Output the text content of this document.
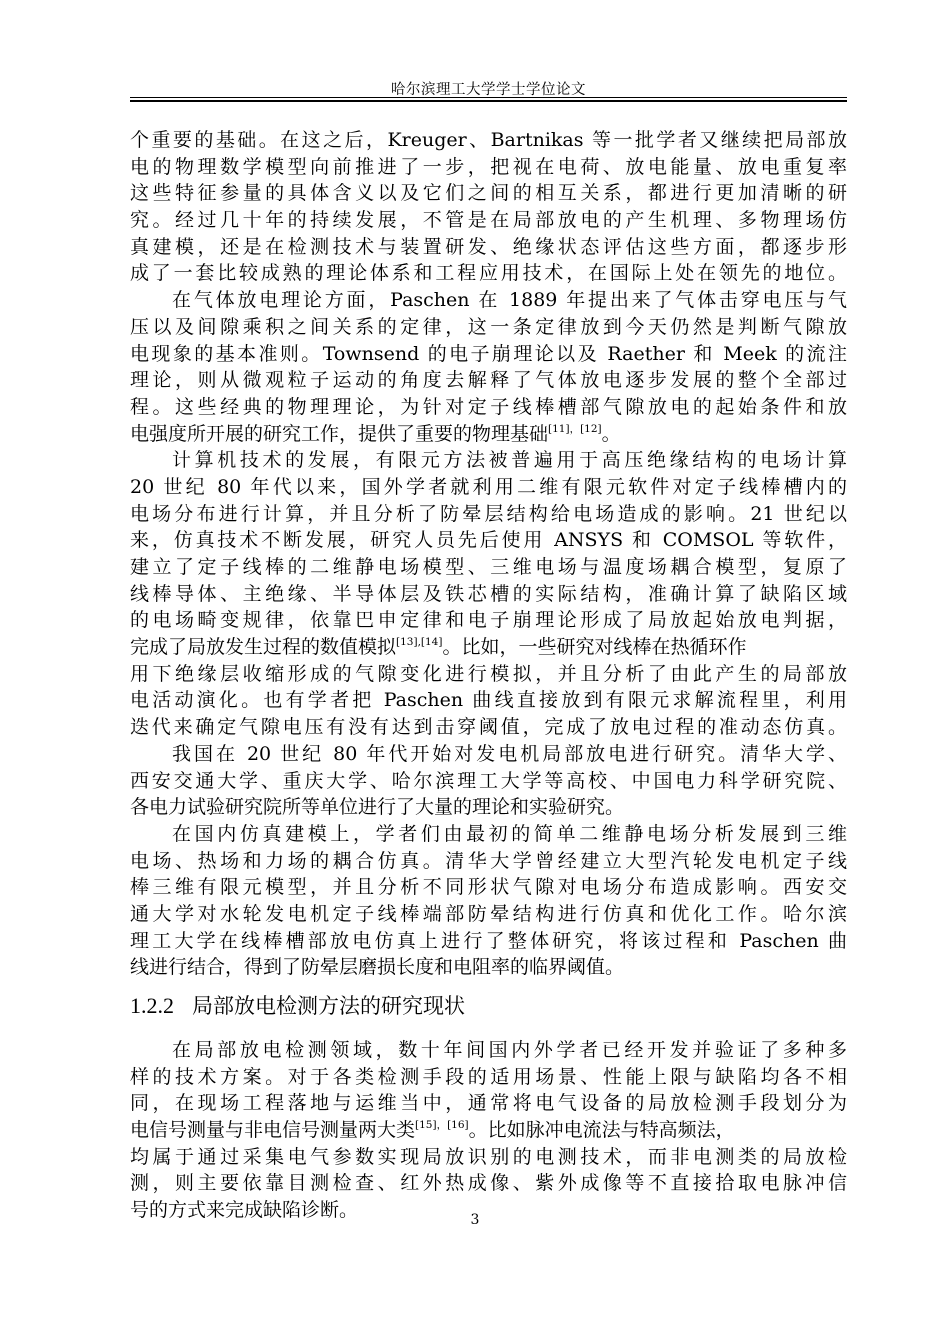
哈尔滨理工大学学士学位论文
个重要的基础。在这之后，Kreuger、Bartnikas 等一批学者又继续把局部放
电的物理数学模型向前推进了一步，把视在电荷、放电能量、放电重复率
这些特征参量的具体含义以及它们之间的相互关系，都进行更加清晰的研
究。经过几十年的持续发展，不管是在局部放电的产生机理、多物理场仿
真建模，还是在检测技术与装置研发、绝缘状态评估这些方面，都逐步形
成了一套比较成熟的理论体系和工程应用技术，在国际上处在领先的地位。
在气体放电理论方面，Paschen 在 1889 年提出来了气体击穿电压与气
压以及间隙乘积之间关系的定律，这一条定律放到今天仍然是判断气隙放
电现象的基本准则。Townsend 的电子崩理论以及 Raether 和 Meek 的流注
理论，则从微观粒子运动的角度去解释了气体放电逐步发展的整个全部过
程。这些经典的物理理论，为针对定子线棒槽部气隙放电的起始条件和放
电强度所开展的研究工作，提供了重要的物理基础[11]，[12]。
计算机技术的发展，有限元方法被普遍用于高压绝缘结构的电场计算
20 世纪 80 年代以来，国外学者就利用二维有限元软件对定子线棒槽内的
电场分布进行计算，并且分析了防晕层结构给电场造成的影响。21 世纪以
来，仿真技术不断发展，研究人员先后使用 ANSYS 和 COMSOL 等软件，
建立了定子线棒的二维静电场模型、三维电场与温度场耦合模型，复原了
线棒导体、主绝缘、半导体层及铁芯槽的实际结构，准确计算了缺陷区域
的电场畸变规律，依靠巴申定律和电子崩理论形成了局放起始放电判据，
完成了局放发生过程的数值模拟[13],[14]。比如，一些研究对线棒在热循环作
用下绝缘层收缩形成的气隙变化进行模拟，并且分析了由此产生的局部放
电活动演化。也有学者把 Paschen 曲线直接放到有限元求解流程里，利用
迭代来确定气隙电压有没有达到击穿阈值，完成了放电过程的准动态仿真。
我国在 20 世纪 80 年代开始对发电机局部放电进行研究。清华大学、
西安交通大学、重庆大学、哈尔滨理工大学等高校、中国电力科学研究院、
各电力试验研究院所等单位进行了大量的理论和实验研究。
在国内仿真建模上，学者们由最初的简单二维静电场分析发展到三维
电场、热场和力场的耦合仿真。清华大学曾经建立大型汽轮发电机定子线
棒三维有限元模型，并且分析不同形状气隙对电场分布造成影响。西安交
通大学对水轮发电机定子线棒端部防晕结构进行仿真和优化工作。哈尔滨
理工大学在线棒槽部放电仿真上进行了整体研究，将该过程和 Paschen 曲
线进行结合，得到了防晕层磨损长度和电阻率的临界阈值。
1.2.2 局部放电检测方法的研究现状
在局部放电检测领域，数十年间国内外学者已经开发并验证了多种多
样的技术方案。对于各类检测手段的适用场景、性能上限与缺陷均各不相
同，在现场工程落地与运维当中，通常将电气设备的局放检测手段划分为
电信号测量与非电信号测量两大类[15]，[16]。比如脉冲电流法与特高频法，
均属于通过采集电气参数实现局放识别的电测技术，而非电测类的局放检
测，则主要依靠目测检查、红外热成像、紫外成像等不直接拾取电脉冲信
号的方式来完成缺陷诊断。	3
